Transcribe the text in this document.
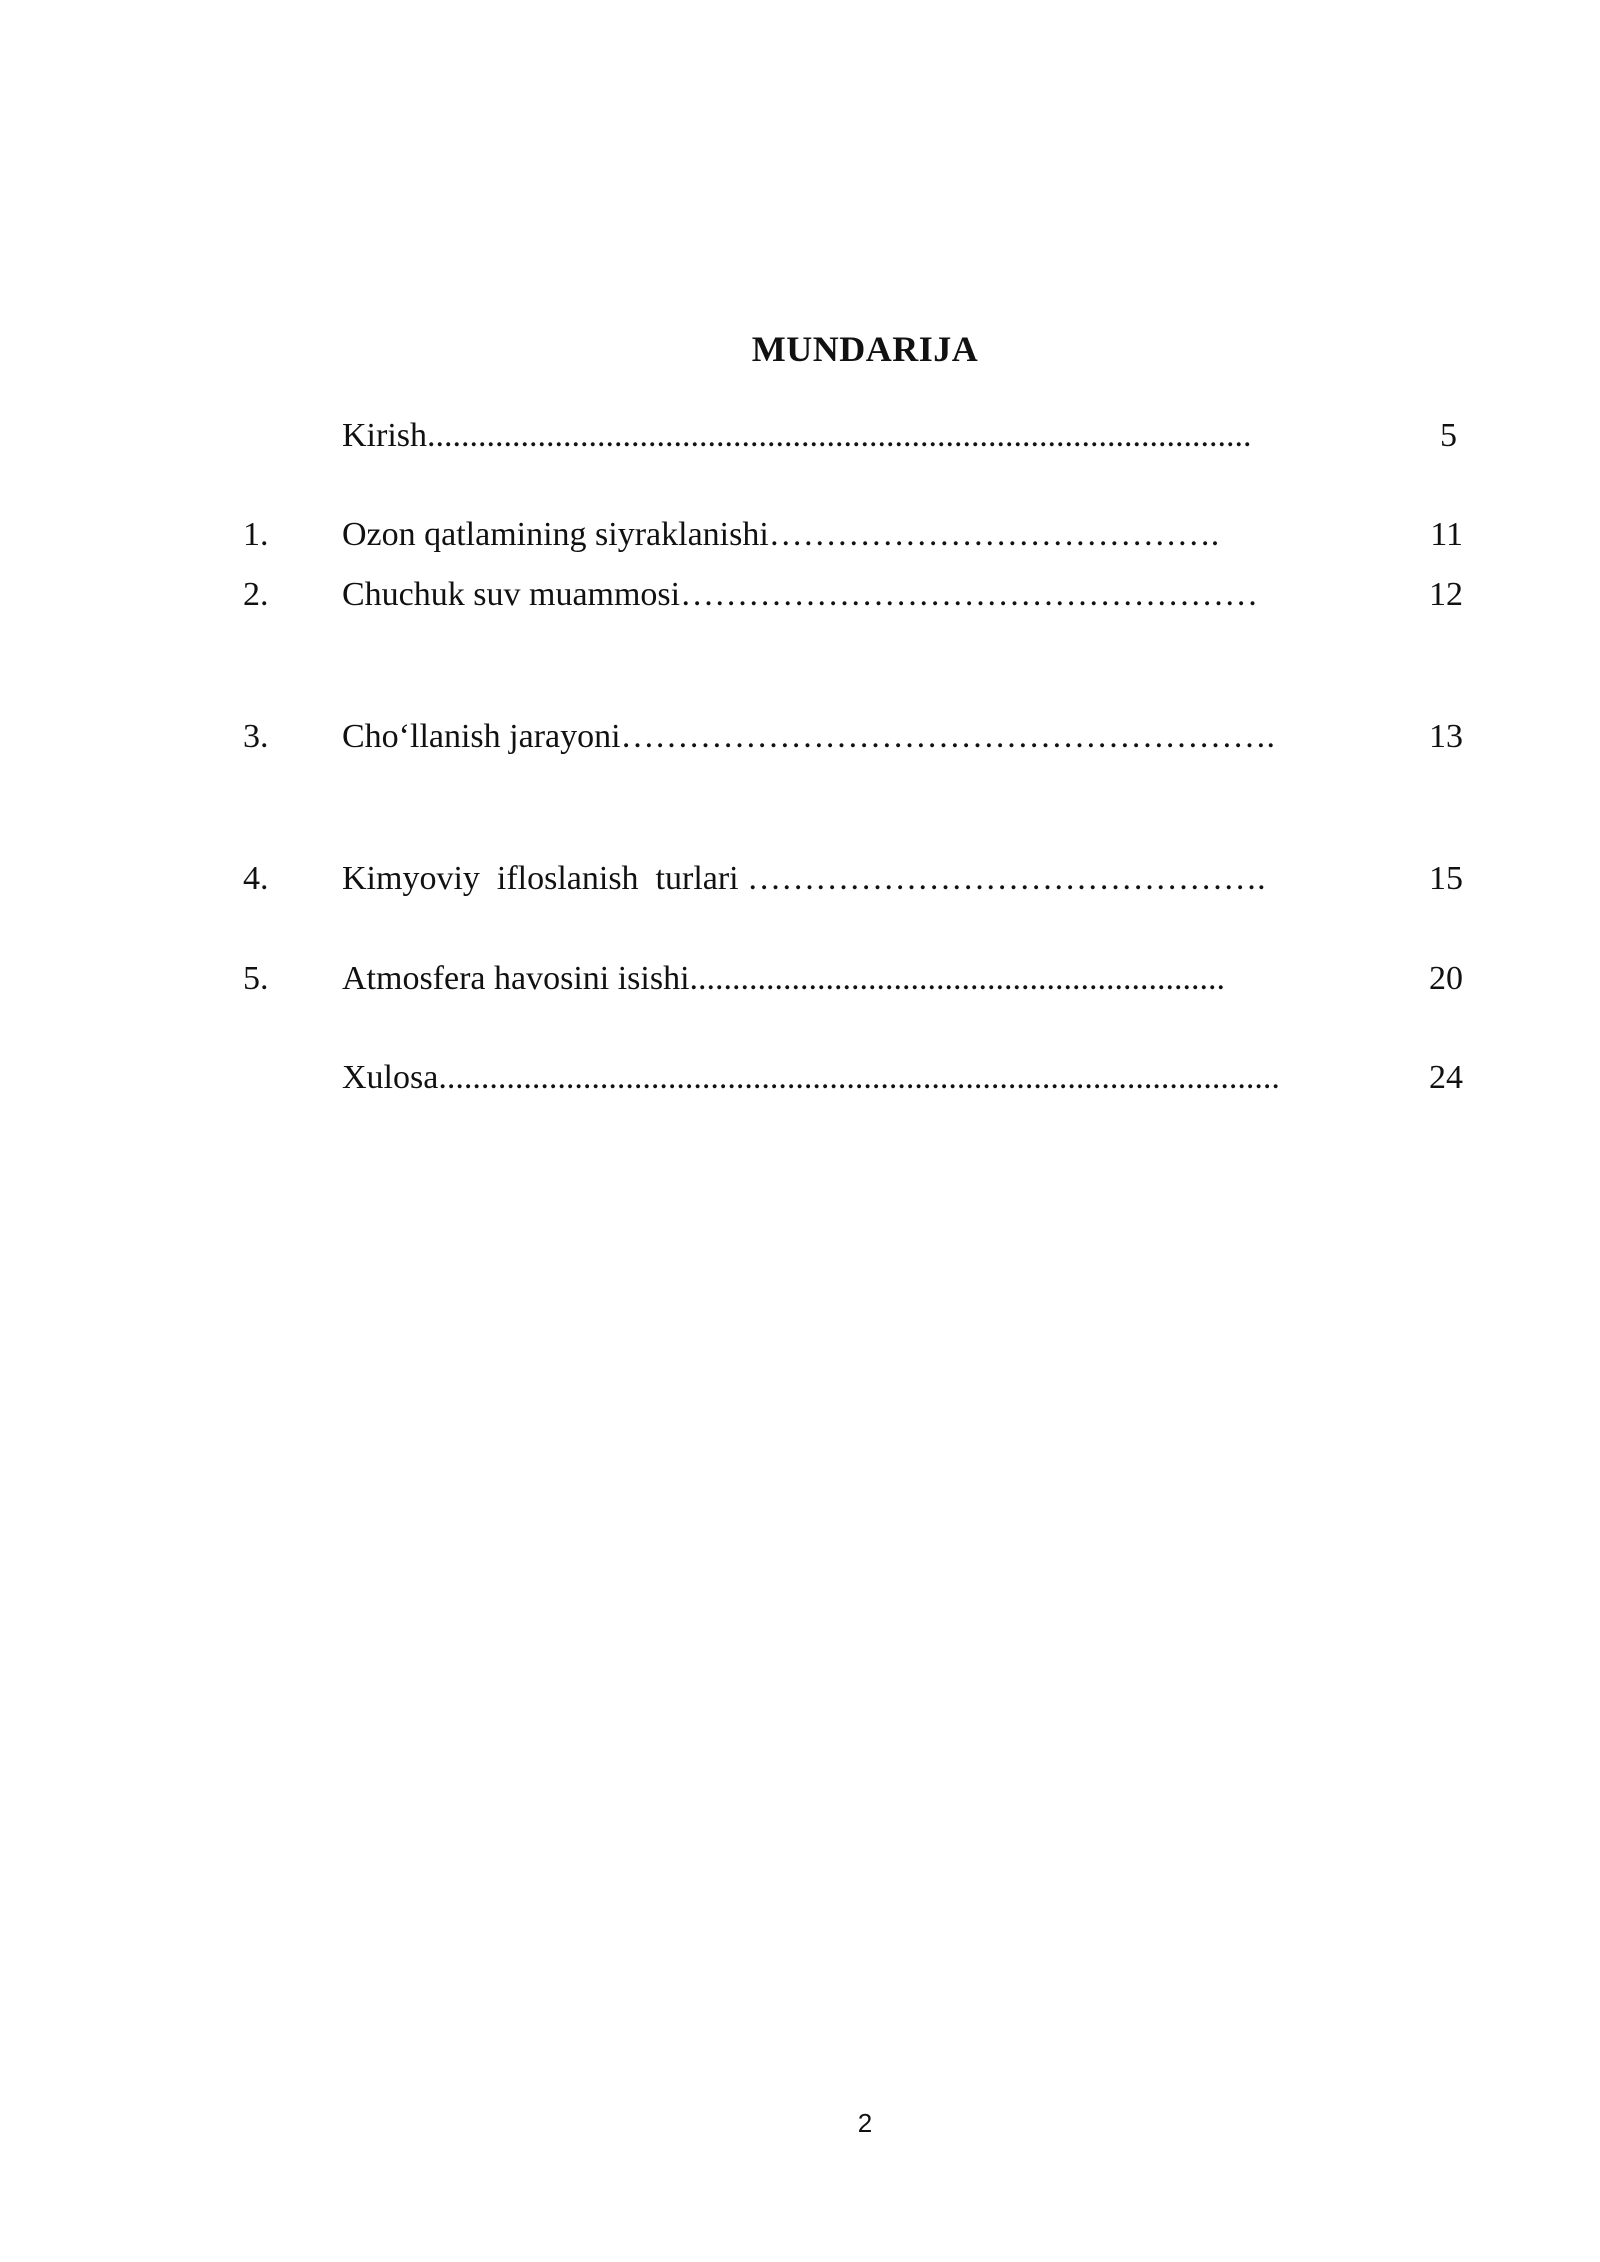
MUNDARIJA
Kirish.................................................................................................	5
1. Ozon qatlamining siyraklanishi………………………………….	11
2. Chuchuk suv muammosi……………………………………………	12
3. Cho‘llanish jarayoni………………………………………………….	13
4. Kimyoviy  ifloslanish  turlari ……………………………………….	15
5. Atmosfera havosini isishi...............................................................	20
Xulosa...................................................................................................	24
2
